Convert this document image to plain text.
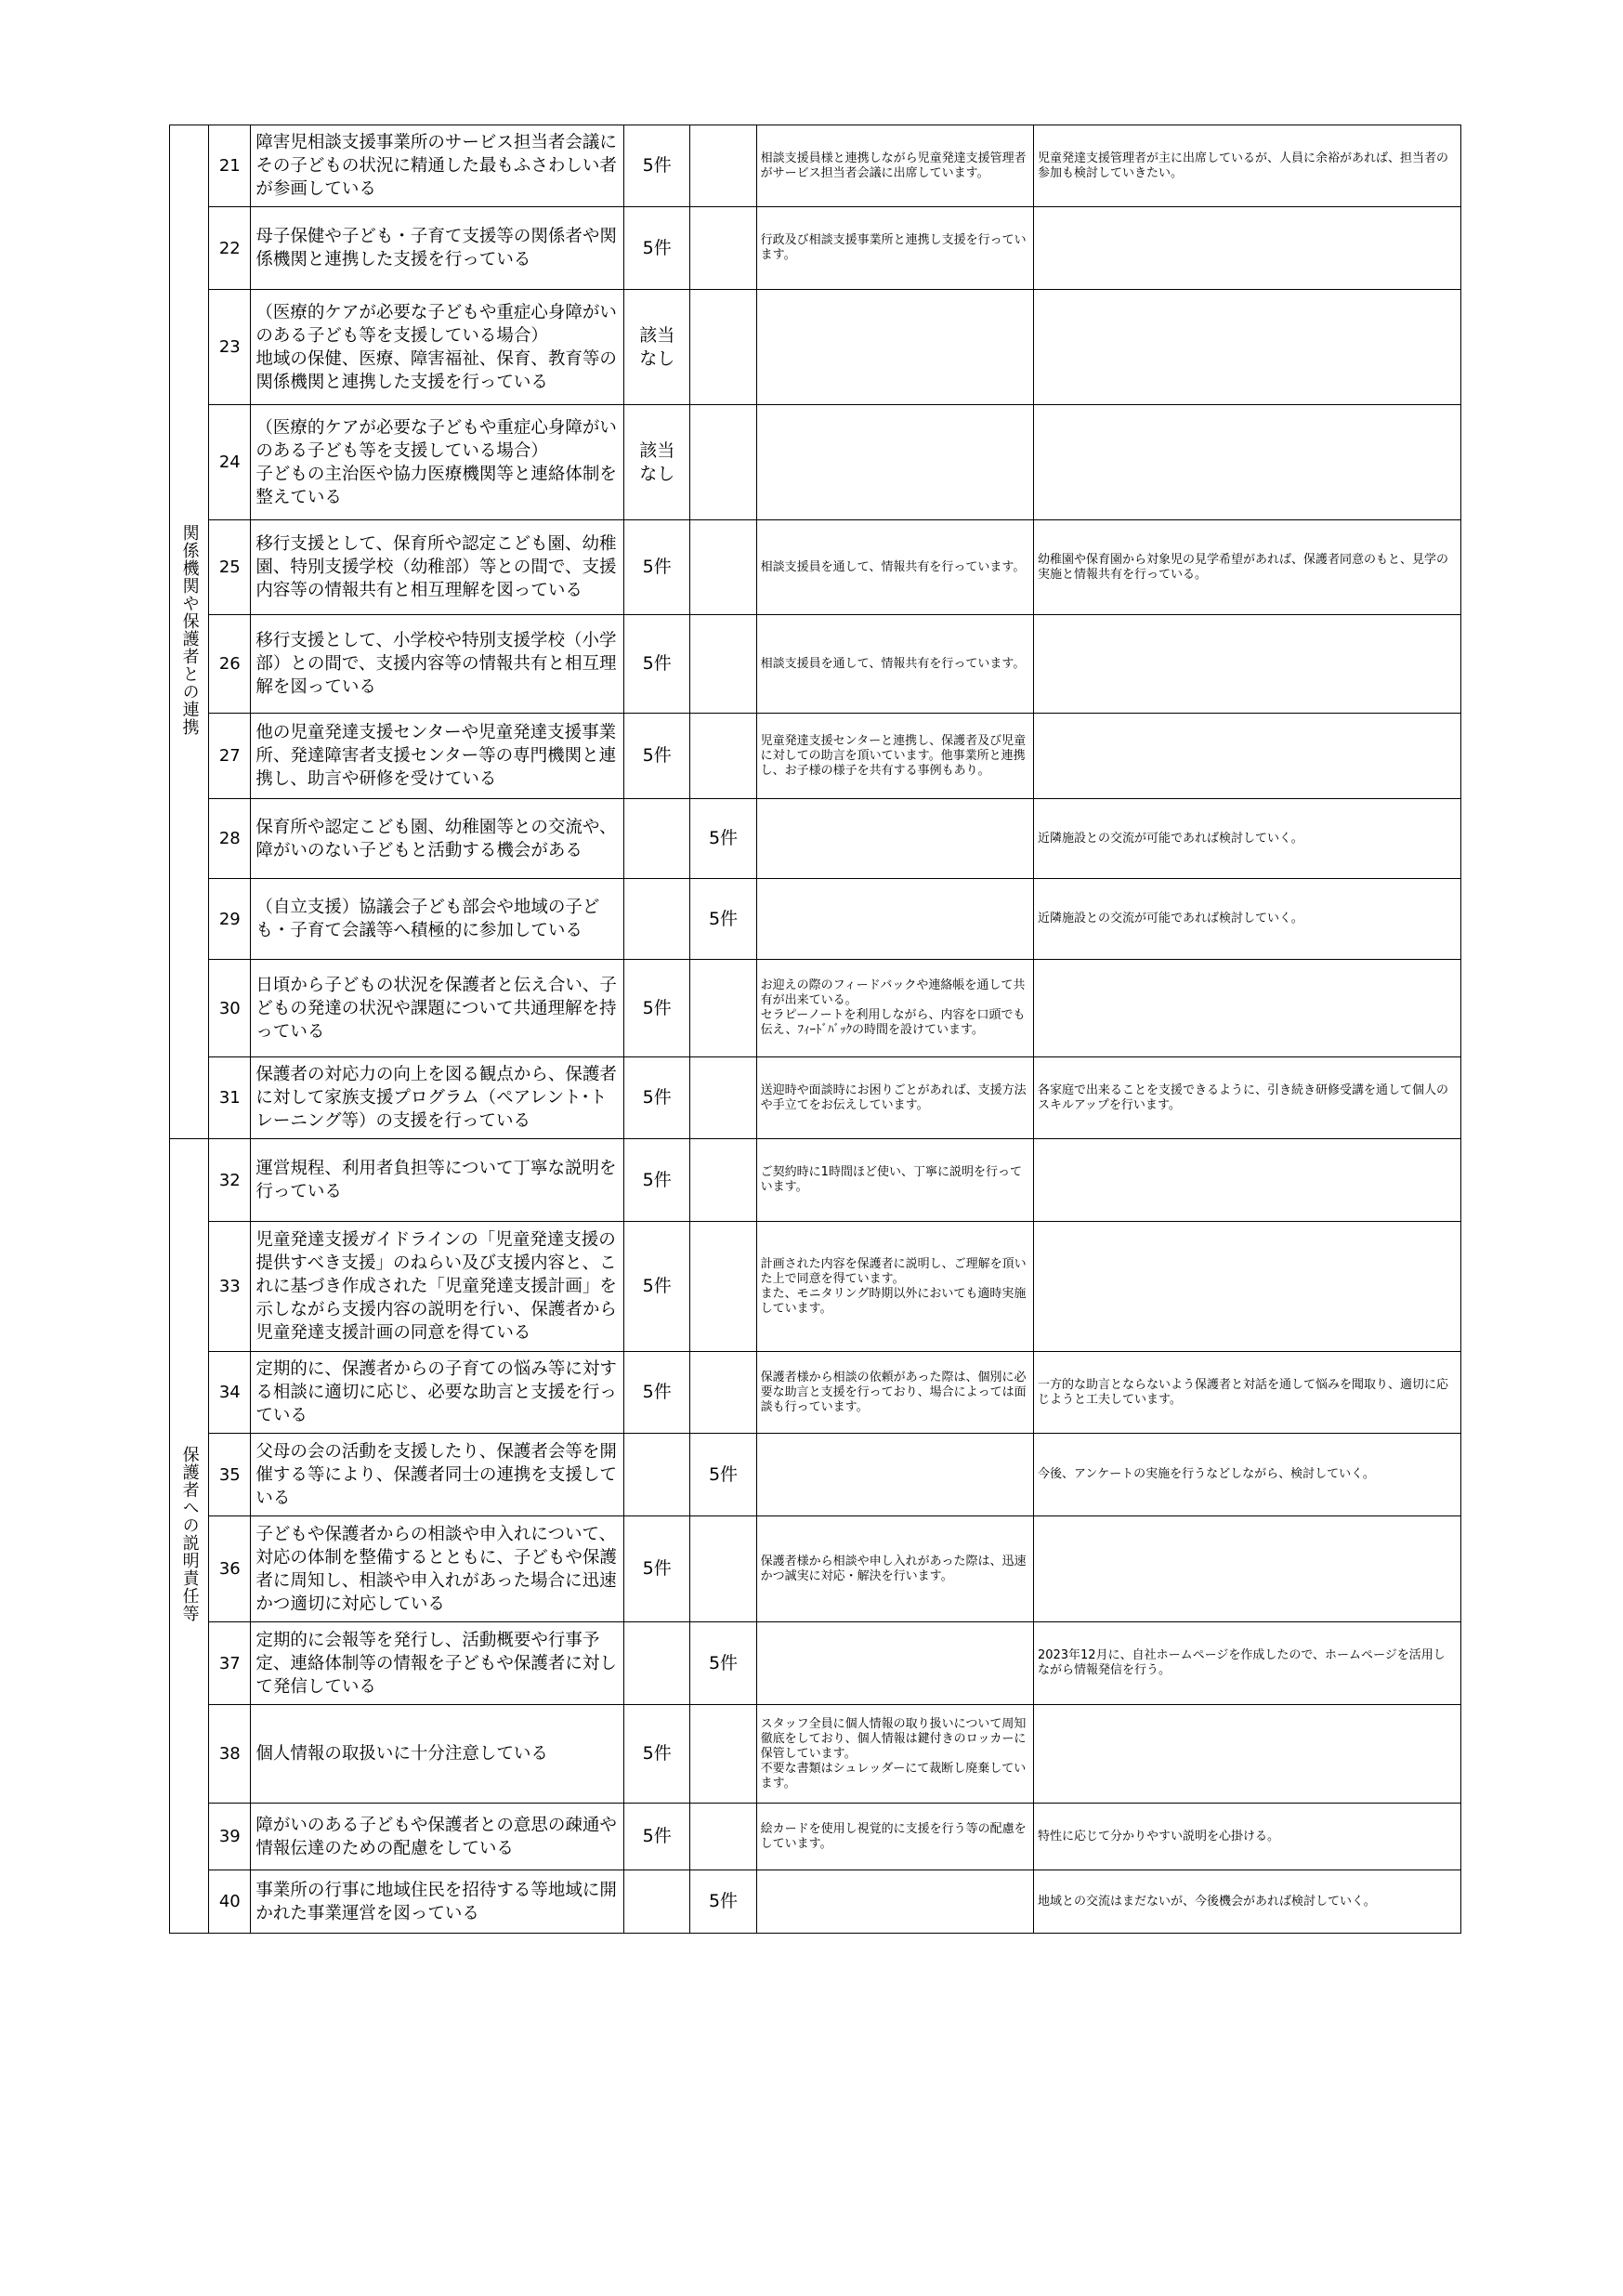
関係機関や保護者との連携	21	障害児相談支援事業所のサービス担当者会議にその子どもの状況に精通した最もふさわしい者が参画している	5件		相談支援員様と連携しながら児童発達支援管理者がサービス担当者会議に出席しています。	児童発達支援管理者が主に出席しているが、人員に余裕があれば、担当者の参加も検討していきたい。
	22	母子保健や子ども・子育て支援等の関係者や関係機関と連携した支援を行っている	5件		行政及び相談支援事業所と連携し支援を行っています。	
	23	（医療的ケアが必要な子どもや重症心身障がいのある子ども等を支援している場合）
地域の保健、医療、障害福祉、保育、教育等の関係機関と連携した支援を行っている	該当
なし			
	24	（医療的ケアが必要な子どもや重症心身障がいのある子ども等を支援している場合）
子どもの主治医や協力医療機関等と連絡体制を整えている	該当
なし			
	25	移行支援として、保育所や認定こども園、幼稚園、特別支援学校（幼稚部）等との間で、支援内容等の情報共有と相互理解を図っている	5件		相談支援員を通して、情報共有を行っています。	幼稚園や保育園から対象児の見学希望があれば、保護者同意のもと、見学の実施と情報共有を行っている。
	26	移行支援として、小学校や特別支援学校（小学部）との間で、支援内容等の情報共有と相互理解を図っている	5件		相談支援員を通して、情報共有を行っています。	
	27	他の児童発達支援センターや児童発達支援事業所、発達障害者支援センター等の専門機関と連携し、助言や研修を受けている	5件		児童発達支援センターと連携し、保護者及び児童に対しての助言を頂いています。他事業所と連携し、お子様の様子を共有する事例もあり。	
	28	保育所や認定こども園、幼稚園等との交流や、障がいのない子どもと活動する機会がある		5件		近隣施設との交流が可能であれば検討していく。
	29	（自立支援）協議会子ども部会や地域の子ども・子育て会議等へ積極的に参加している		5件		近隣施設との交流が可能であれば検討していく。
	30	日頃から子どもの状況を保護者と伝え合い、子どもの発達の状況や課題について共通理解を持っている	5件		お迎えの際のフィードバックや連絡帳を通して共有が出来ている。
セラピーノートを利用しながら、内容を口頭でも伝え、ﾌｨｰﾄﾞﾊﾞｯｸの時間を設けています。	
	31	保護者の対応力の向上を図る観点から、保護者に対して家族支援プログラム（ペアレント･トレーニング等）の支援を行っている	5件		送迎時や面談時にお困りごとがあれば、支援方法や手立てをお伝えしています。	各家庭で出来ることを支援できるように、引き続き研修受講を通して個人のスキルアップを行います。
保護者への説明責任等	32	運営規程、利用者負担等について丁寧な説明を行っている	5件		ご契約時に1時間ほど使い、丁寧に説明を行っています。	
	33	児童発達支援ガイドラインの「児童発達支援の提供すべき支援」のねらい及び支援内容と、これに基づき作成された「児童発達支援計画」を示しながら支援内容の説明を行い、保護者から児童発達支援計画の同意を得ている	5件		計画された内容を保護者に説明し、ご理解を頂いた上で同意を得ています。
また、モニタリング時期以外においても適時実施しています。	
	34	定期的に、保護者からの子育ての悩み等に対する相談に適切に応じ、必要な助言と支援を行っている	5件		保護者様から相談の依頼があった際は、個別に必要な助言と支援を行っており、場合によっては面談も行っています。	一方的な助言とならないよう保護者と対話を通して悩みを聞取り、適切に応じようと工夫しています。
	35	父母の会の活動を支援したり、保護者会等を開催する等により、保護者同士の連携を支援している		5件		今後、アンケートの実施を行うなどしながら、検討していく。
	36	子どもや保護者からの相談や申入れについて、対応の体制を整備するとともに、子どもや保護者に周知し、相談や申入れがあった場合に迅速かつ適切に対応している	5件		保護者様から相談や申し入れがあった際は、迅速かつ誠実に対応・解決を行います。	
	37	定期的に会報等を発行し、活動概要や行事予定、連絡体制等の情報を子どもや保護者に対して発信している		5件		2023年12月に、自社ホームページを作成したので、ホームページを活用しながら情報発信を行う。
	38	個人情報の取扱いに十分注意している	5件		スタッフ全員に個人情報の取り扱いについて周知徹底をしており、個人情報は鍵付きのロッカーに保管しています。
不要な書類はシュレッダーにて裁断し廃棄しています。	
	39	障がいのある子どもや保護者との意思の疎通や情報伝達のための配慮をしている	5件		絵カードを使用し視覚的に支援を行う等の配慮をしています。	特性に応じて分かりやすい説明を心掛ける。
	40	事業所の行事に地域住民を招待する等地域に開かれた事業運営を図っている		5件		地域との交流はまだないが、今後機会があれば検討していく。
